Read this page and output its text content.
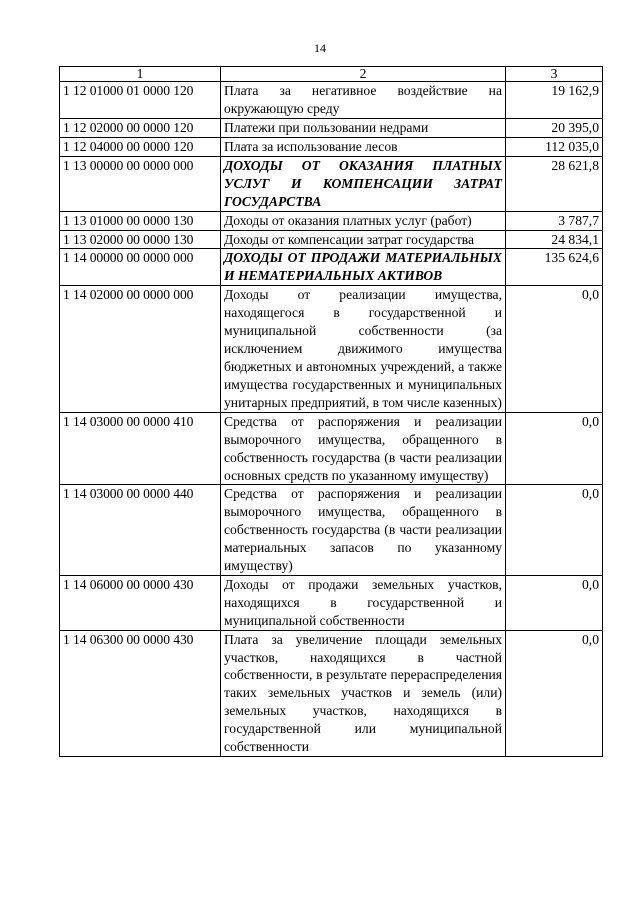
14
1	2	3
1 12 01000 01 0000 120	Плата за негативное воздействие на окружающую среду	19 162,9
1 12 02000 00 0000 120	Платежи при пользовании недрами	20 395,0
1 12 04000 00 0000 120	Плата за использование лесов	112 035,0
1 13 00000 00 0000 000	ДОХОДЫ ОТ ОКАЗАНИЯ ПЛАТНЫХ УСЛУГ И КОМПЕНСАЦИИ ЗАТРАТ ГОСУДАРСТВА	28 621,8
1 13 01000 00 0000 130	Доходы от оказания платных услуг (работ)	3 787,7
1 13 02000 00 0000 130	Доходы от компенсации затрат государства	24 834,1
1 14 00000 00 0000 000	ДОХОДЫ ОТ ПРОДАЖИ МАТЕРИАЛЬНЫХ И НЕМАТЕРИАЛЬНЫХ АКТИВОВ	135 624,6
1 14 02000 00 0000 000	Доходы от реализации имущества, находящегося в государственной и муниципальной собственности (за исключением движимого имущества бюджетных и автономных учреждений, а также имущества государственных и муниципальных унитарных предприятий, в том числе казенных)	0,0
1 14 03000 00 0000 410	Средства от распоряжения и реализации выморочного имущества, обращенного в собственность государства (в части реализации основных средств по указанному имуществу)	0,0
1 14 03000 00 0000 440	Средства от распоряжения и реализации выморочного имущества, обращенного в собственность государства (в части реализации материальных запасов по указанному имуществу)	0,0
1 14 06000 00 0000 430	Доходы от продажи земельных участков, находящихся в государственной и муниципальной собственности	0,0
1 14 06300 00 0000 430	Плата за увеличение площади земельных участков, находящихся в частной собственности, в результате перераспределения таких земельных участков и земель (или) земельных участков, находящихся в государственной или муниципальной собственности	0,0
